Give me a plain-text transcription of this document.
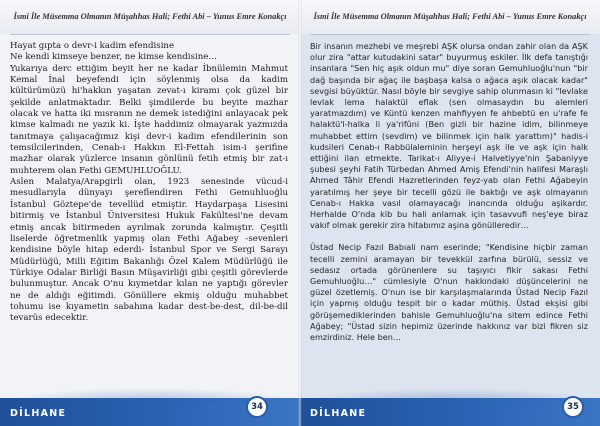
İsmi İle Müsemma Olmanın Müşahhas Hali; Fethi Abi – Yunus Emre Konakçı

Hayat gıpta o devr-i kadim efendisine

Ne kendi kimseye benzer, ne kimse kendisine…

Yukarıya derc ettiğim beyit her ne kadar İbnülemin Mahmut Kemal İnal beyefendi için söylenmiş olsa da kadim kültürümüzü hi'hakkın yaşatan zevat-ı kiramı çok güzel bir şekilde anlatmaktadır. Belki şimdilerde bu beyite mazhar olacak ve hatta iki mısranın ne demek istediğini anlayacak pek kimse kalmadı ne yazık ki. İşte haddimiz olmayarak yazmızda tanıtmaya çalışacağımız kişi devr-i kadim efendilerinin son temsilcilerinden, Cenab-ı Hakkın El-Fettah isim-i şerifine mazhar olarak yüzlerce insanın gönlünü fetih etmiş bir zat-ı muhterem olan Fethi GEMUHLUOĞLU.

Aslen Malatya/Arapgirli olan, 1923 senesinde vücud-i mesudlarıyla dünyayı şereflendiren Fethi Gemuhluoğlu İstanbul Göztepe'de tevellüd etmiştir. Haydarpaşa Lisesini bitirmiş ve İstanbul Üniversitesi Hukuk Fakültesi'ne devam etmiş ancak bitirmeden ayrılmak zorunda kalmıştır. Çeşitli liselerde öğretmenlik yapmış olan Fethi Ağabey -sevenleri kendisine böyle hitap ederdi- İstanbul Spor ve Sergi Sarayı Müdürlüğü, Milli Eğitim Bakanlığı Özel Kalem Müdürlüğü ile Türkiye Odalar Birliği Basın Müşavirliği gibi çeşitli görevlerde bulunmuştur. Ancak O'nu kıymetdar kılan ne yaptığı görevler ne de aldığı eğitimdi. Gönüllere ekmiş olduğu muhabbet tohumu ise kıyametin sabahına kadar dest-be-dest, dil-be-dil tevarüs edecektir.

DİLHANE
34
İsmi İle Müsemma Olmanın Müşahhas Hali; Fethi Abi – Yunus Emre Konakçı

Bir insanın mezhebi ve meşrebi AŞK olursa ondan zahir olan da AŞK olur zira "attar kutudakini satar" buyurmuş eskiler. İlk defa tanıştığı insanlara "Sen hiç aşık oldun mu" diye soran Gemuhluoğlu'nun "bir dağ başında bir ağaç ile başbaşa kalsa o ağaca aşık olacak kadar" sevgisi büyüktür. Nasıl böyle bir sevgiye sahip olunmasın ki "levlake levlak lema halaktül eflak (sen olmasaydın bu alemleri yaratmazdım) ve Küntü kenzen mahfiyyen fe ahbebtü en u'rafe fe halaktü'l-halka li ya'rifûni (Ben gizli bir hazine idim, bilinmeye muhabbet ettim (sevdim) ve bilinmek için halk yarattım)" hadis-i kudsileri Cenab-ı Rabbülaleminin herşeyi aşk ile ve aşk için halk ettiğini ilan etmekte. Tarikat-ı Aliyye-i Halvetiyye'nin Şabaniyye şubesi şeyhi Fatih Türbedan Ahmed Amiş Efendi'nin halifesi Maraşlı Ahmed Tâhir Efendi Hazretlerinden feyz-yab olan Fethi Ağabeyin yaratılmış her şeye bir tecelli gözü ile baktığı ve aşk olmayanın Cenab-ı Hakka vasıl olamayacağı inancında olduğu aşikardır. Herhalde O'nda kib bu hali anlamak için tasavvufi neş'eye biraz vakıf olmak gerekir zira hitabımız aşina gönülleredir…

Üstad Necip Fazıl Babıali nam eserinde; "Kendisine hiçbir zaman tecelli zemini aramayan bir tevekkül zarfına bürülü, sessiz ve sedasız ortada görünenlere su taşıyıcı fikir sakası Fethi Gemuhluoğlu…" cümlesiyle O'nun hakkındaki düşüncelerini ne güzel özetlemiş. O'nun ise bir karşılaşmalarında Üstad Necip Fazıl için yapmış olduğu tespit bir o kadar müthiş. Üstad ekşisi gibi görüşemediklerinden bahisle Gemuhluoğlu'na sitem edince Fethi Ağabey; "Üstad sizin hepimiz üzerinde hakkınız var bizi fikren siz emzirdiniz. Hele ben…

DİLHANE
35
